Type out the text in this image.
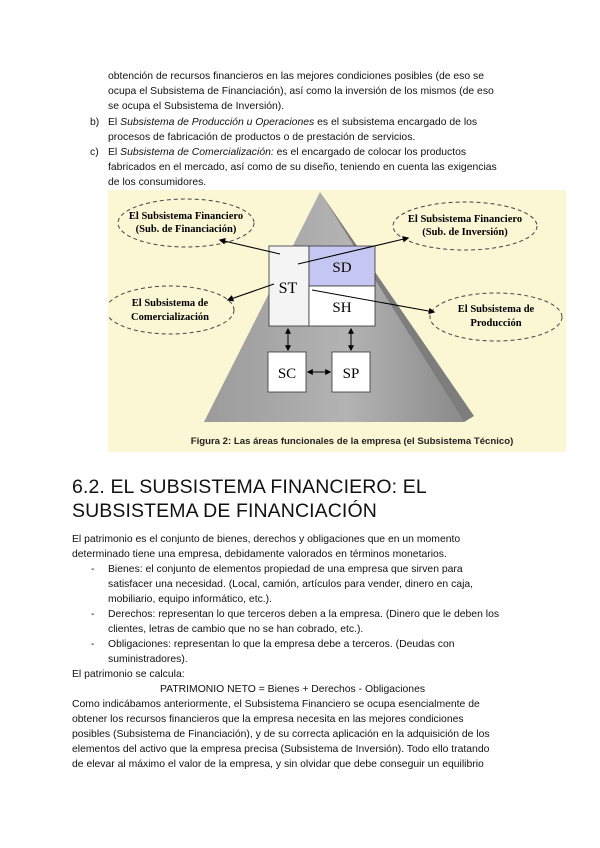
obtención de recursos financieros en las mejores condiciones posibles (de eso se
ocupa el Subsistema de Financiación), así como la inversión de los mismos (de eso
se ocupa el Subsistema de Inversión).
b) El Subsistema de Producción u Operaciones es el subsistema encargado de los
procesos de fabricación de productos o de prestación de servicios.
c) El Subsistema de Comercialización: es el encargado de colocar los productos
fabricados en el mercado, así como de su diseño, teniendo en cuenta las exigencias
de los consumidores.
ST
SD
SH
SC	SP
El Subsistema Financiero
(Sub. de Financiación)
El Subsistema Financiero
(Sub. de Inversión)
El Subsistema de
Comercialización
El Subsistema de
Producción
Figura 2: Las áreas funcionales de la empresa (el Subsistema Técnico)
6.2. EL SUBSISTEMA FINANCIERO: EL
SUBSISTEMA DE FINANCIACIÓN
El patrimonio es el conjunto de bienes, derechos y obligaciones que en un momento
determinado tiene una empresa, debidamente valorados en términos monetarios.
- Bienes: el conjunto de elementos propiedad de una empresa que sirven para
satisfacer una necesidad. (Local, camión, artículos para vender, dinero en caja,
mobiliario, equipo informático, etc.).
- Derechos: representan lo que terceros deben a la empresa. (Dinero que le deben los
clientes, letras de cambio que no se han cobrado, etc.).
- Obligaciones: representan lo que la empresa debe a terceros. (Deudas con
suministradores).
El patrimonio se calcula:
PATRIMONIO NETO = Bienes + Derechos - Obligaciones
Como indicábamos anteriormente, el Subsistema Financiero se ocupa esencialmente de
obtener los recursos financieros que la empresa necesita en las mejores condiciones
posibles (Subsistema de Financiación), y de su correcta aplicación en la adquisición de los
elementos del activo que la empresa precisa (Subsistema de Inversión). Todo ello tratando
de elevar al máximo el valor de la empresa, y sin olvidar que debe conseguir un equilibrio
